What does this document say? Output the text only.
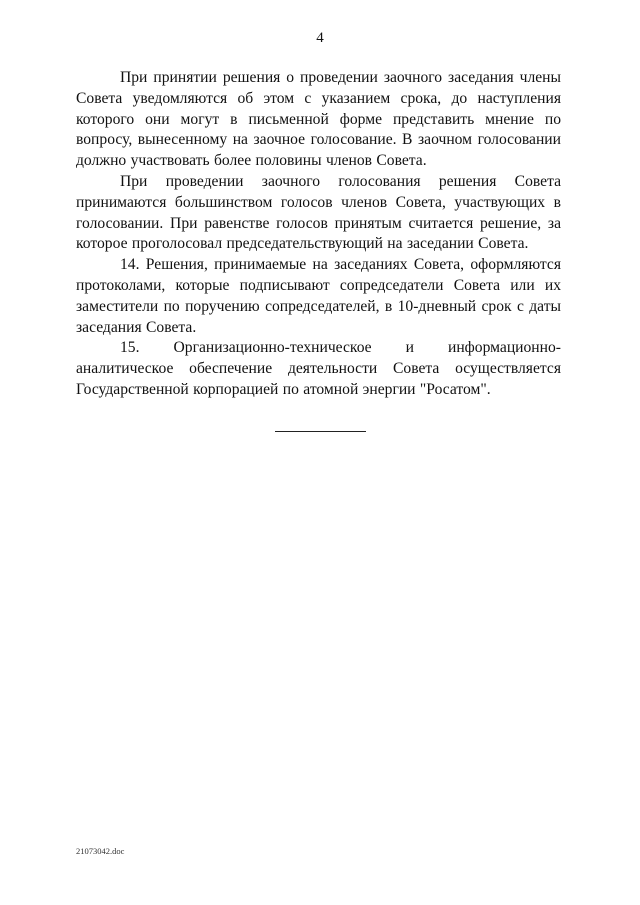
4

При принятии решения о проведении заочного заседания члены Совета уведомляются об этом с указанием срока, до наступления которого они могут в письменной форме представить мнение по вопросу, вынесенному на заочное голосование. В заочном голосовании должно участвовать более половины членов Совета.

При проведении заочного голосования решения Совета принимаются большинством голосов членов Совета, участвующих в голосовании. При равенстве голосов принятым считается решение, за которое проголосовал председательствующий на заседании Совета.

14. Решения, принимаемые на заседаниях Совета, оформляются протоколами, которые подписывают сопредседатели Совета или их заместители по поручению сопредседателей, в 10-дневный срок с даты заседания Совета.

15. Организационно-техническое и информационно-аналитическое обеспечение деятельности Совета осуществляется Государственной корпорацией по атомной энергии "Росатом".

21073042.doc
